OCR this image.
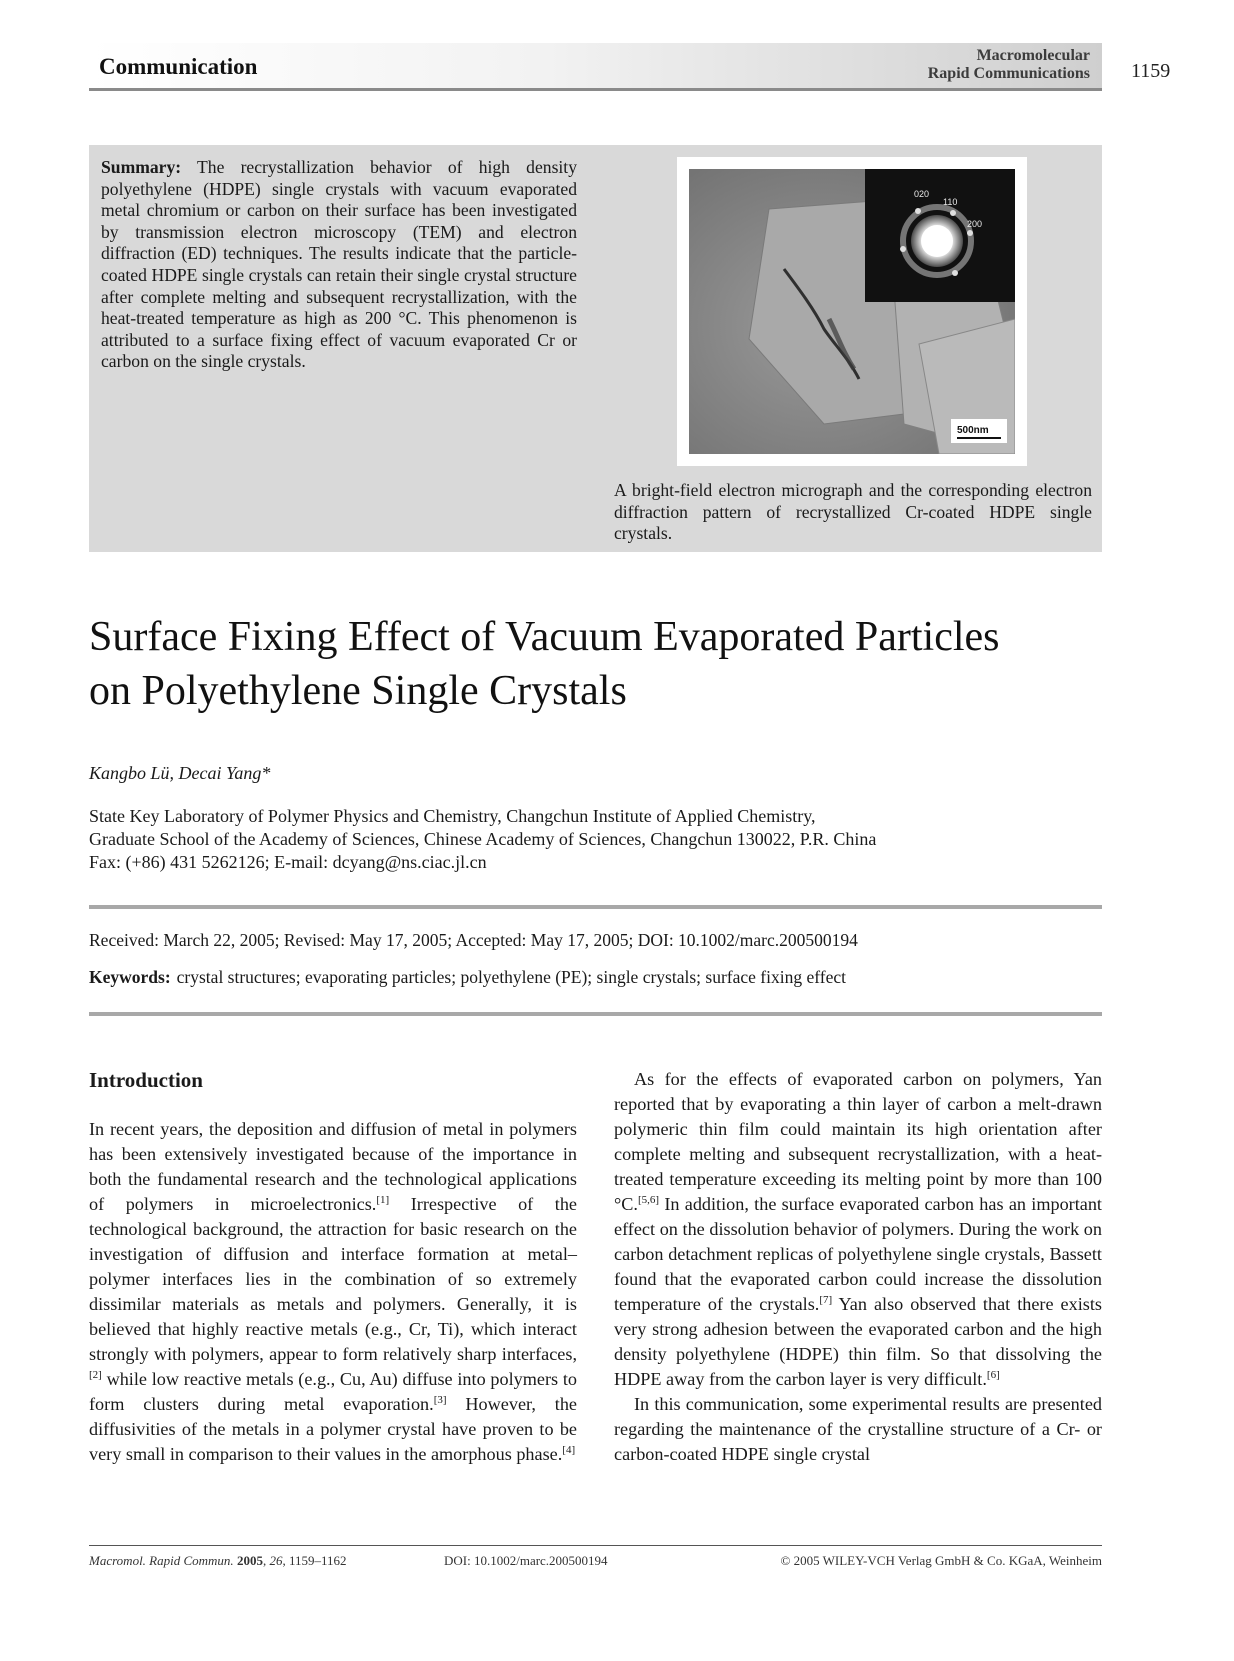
Communication	Macromolecular
Rapid Communications 1159
Summary: The recrystallization behavior of high density polyethylene (HDPE) single crystals with vacuum evaporated metal chromium or carbon on their surface has been investigated by transmission electron microscopy (TEM) and electron diffraction (ED) techniques. The results indicate that the particle-coated HDPE single crystals can retain their single crystal structure after complete melting and subsequent recrystallization, with the heat-treated temperature as high as 200 °C. This phenomenon is attributed to a surface fixing effect of vacuum evaporated Cr or carbon on the single crystals.
020
110
200
500nm
A bright-field electron micrograph and the corresponding electron diffraction pattern of recrystallized Cr-coated HDPE single crystals.
Surface Fixing Effect of Vacuum Evaporated Particles on Polyethylene Single Crystals
Kangbo Lü, Decai Yang*
State Key Laboratory of Polymer Physics and Chemistry, Changchun Institute of Applied Chemistry,
Graduate School of the Academy of Sciences, Chinese Academy of Sciences, Changchun 130022, P.R. China
Fax: (+86) 431 5262126; E-mail: dcyang@ns.ciac.jl.cn
Received: March 22, 2005; Revised: May 17, 2005; Accepted: May 17, 2005; DOI: 10.1002/marc.200500194
Keywords: crystal structures; evaporating particles; polyethylene (PE); single crystals; surface fixing effect
Introduction

In recent years, the deposition and diffusion of metal in polymers has been extensively investigated because of the importance in both the fundamental research and the technological applications of polymers in microelectronics.[1] Irrespective of the technological background, the attraction for basic research on the investigation of diffusion and interface formation at metal–polymer interfaces lies in the combination of so extremely dissimilar materials as metals and polymers. Generally, it is believed that highly reactive metals (e.g., Cr, Ti), which interact strongly with polymers, appear to form relatively sharp interfaces,[2] while low reactive metals (e.g., Cu, Au) diffuse into polymers to form clusters during metal evaporation.[3] However, the diffusivities of the metals in a polymer crystal have proven to be very small in comparison to their values in the amorphous phase.[4]

As for the effects of evaporated carbon on polymers, Yan reported that by evaporating a thin layer of carbon a melt-drawn polymeric thin film could maintain its high orientation after complete melting and subsequent recrystallization, with a heat-treated temperature exceeding its melting point by more than 100 °C.[5,6] In addition, the surface evaporated carbon has an important effect on the dissolution behavior of polymers. During the work on carbon detachment replicas of polyethylene single crystals, Bassett found that the evaporated carbon could increase the dissolution temperature of the crystals.[7] Yan also observed that there exists very strong adhesion between the evaporated carbon and the high density polyethylene (HDPE) thin film. So that dissolving the HDPE away from the carbon layer is very difficult.[6]

In this communication, some experimental results are presented regarding the maintenance of the crystalline structure of a Cr- or carbon-coated HDPE single crystal

Macromol. Rapid Commun. 2005, 26, 1159–1162	DOI: 10.1002/marc.200500194	© 2005 WILEY-VCH Verlag GmbH & Co. KGaA, Weinheim
